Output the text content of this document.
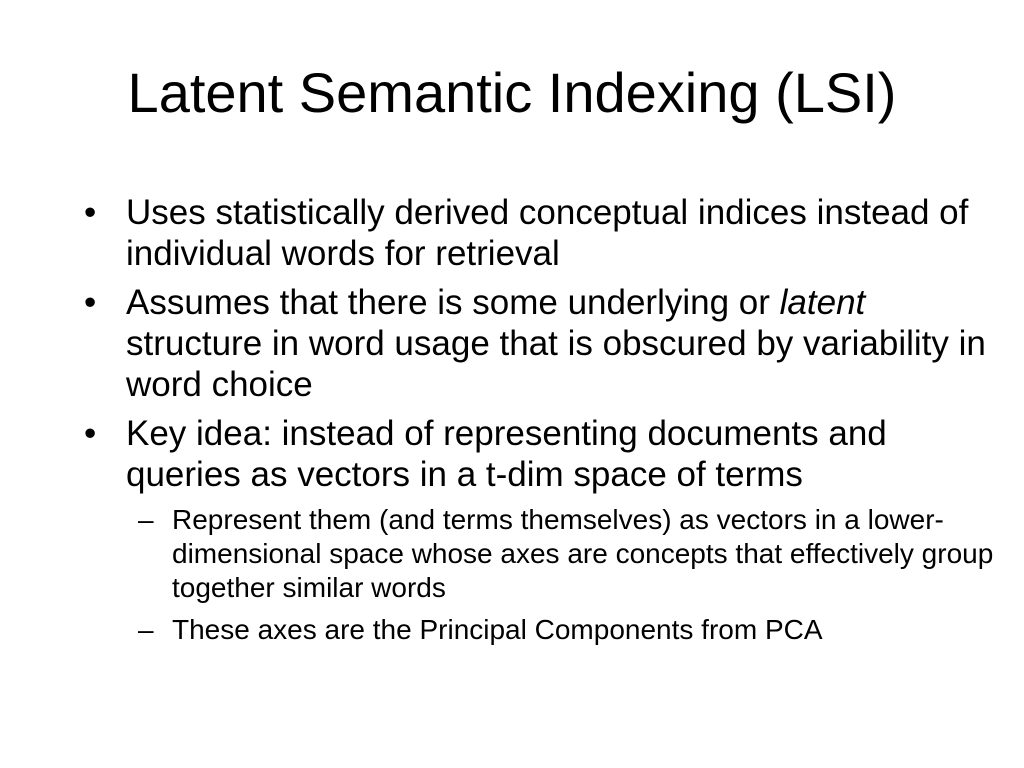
Latent Semantic Indexing (LSI)
• Uses statistically derived conceptual indices instead of individual words for retrieval
• Assumes that there is some underlying or latent structure in word usage that is obscured by variability in word choice
• Key idea: instead of representing documents and queries as vectors in a t-dim space of terms
– Represent them (and terms themselves) as vectors in a lower-dimensional space whose axes are concepts that effectively group together similar words
– These axes are the Principal Components from PCA
